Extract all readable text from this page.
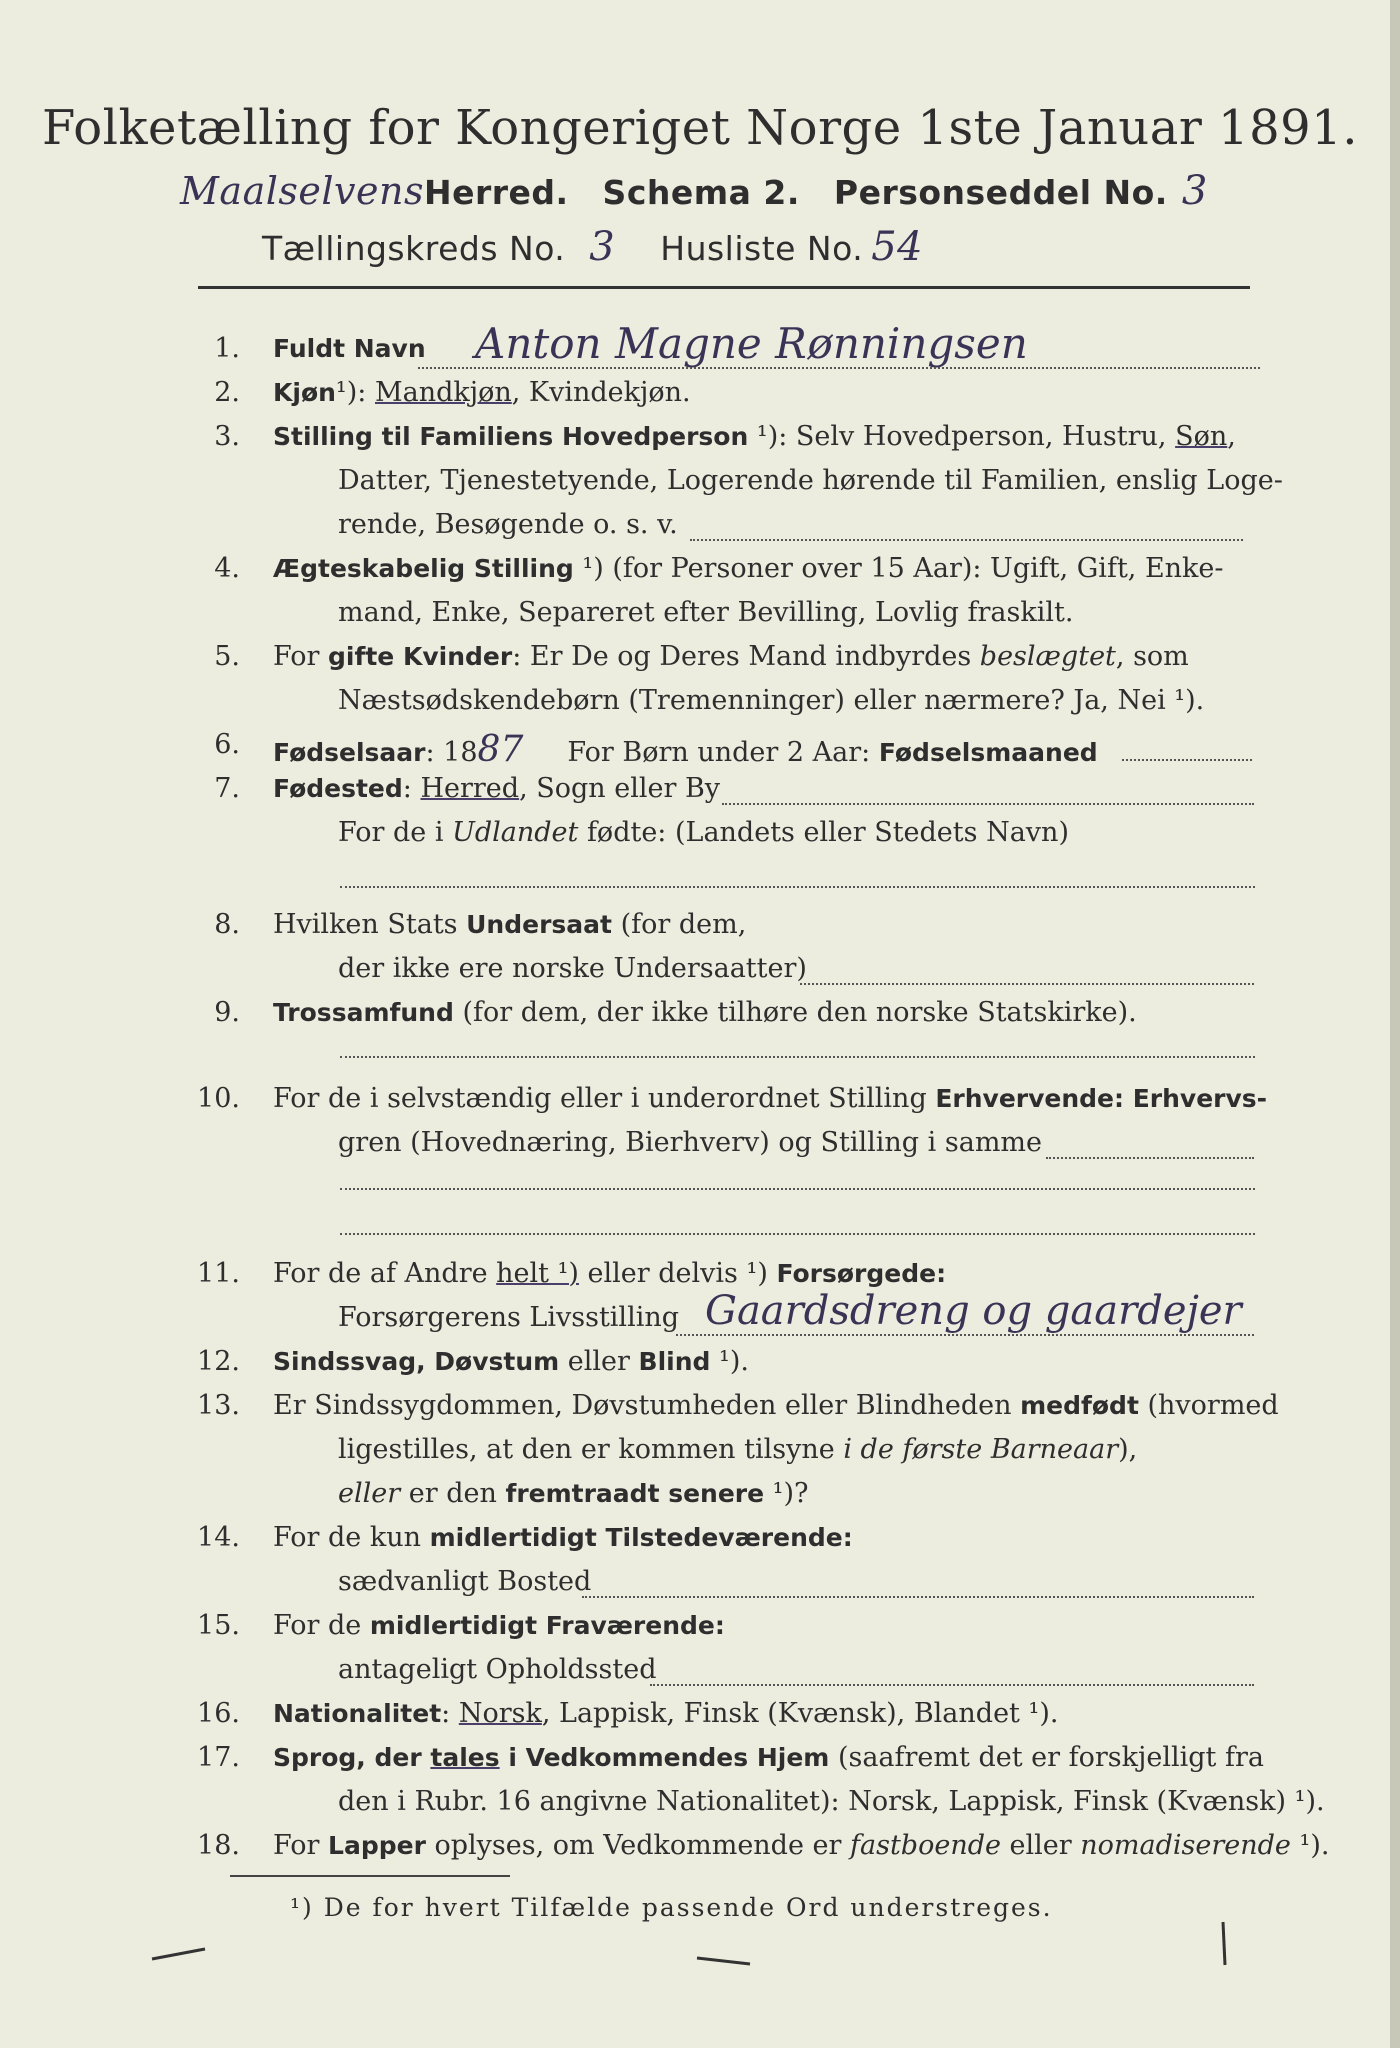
Folketælling for Kongeriget Norge 1ste Januar 1891.
MaalselvensHerred. Schema 2. Personseddel No. 3
Tællingskreds No. 3 Husliste No. 54
1. Fuldt Navn Anton Magne Rønningsen
2. Kjøn¹): Mandkjøn, Kvindekjøn.
3. Stilling til Familiens Hovedperson ¹): Selv Hovedperson, Hustru, Søn,
Datter, Tjenestetyende, Logerende hørende til Familien, enslig Loge-
rende, Besøgende o. s. v.
4. Ægteskabelig Stilling ¹) (for Personer over 15 Aar): Ugift, Gift, Enke-
mand, Enke, Separeret efter Bevilling, Lovlig fraskilt.
5. For gifte Kvinder: Er De og Deres Mand indbyrdes beslægtet, som
Næstsødskendebørn (Tremenninger) eller nærmere? Ja, Nei ¹).
6. Fødselsaar: 1887 For Børn under 2 Aar: Fødselsmaaned
7. Fødested: Herred, Sogn eller By
For de i Udlandet fødte: (Landets eller Stedets Navn)
8. Hvilken Stats Undersaat (for dem,
der ikke ere norske Undersaatter)
9. Trossamfund (for dem, der ikke tilhøre den norske Statskirke).
10. For de i selvstændig eller i underordnet Stilling Erhvervende: Erhvervs-
gren (Hovednæring, Bierhverv) og Stilling i samme
11. For de af Andre helt ¹) eller delvis ¹) Forsørgede:
Forsørgerens Livsstilling Gaardsdreng og gaardejer
12. Sindssvag, Døvstum eller Blind ¹).
13. Er Sindssygdommen, Døvstumheden eller Blindheden medfødt (hvormed
ligestilles, at den er kommen tilsyne i de første Barneaar),
eller er den fremtraadt senere ¹)?
14. For de kun midlertidigt Tilstedeværende:
sædvanligt Bosted
15. For de midlertidigt Fraværende:
antageligt Opholdssted
16. Nationalitet: Norsk, Lappisk, Finsk (Kvænsk), Blandet ¹).
17. Sprog, der tales i Vedkommendes Hjem (saafremt det er forskjelligt fra
den i Rubr. 16 angivne Nationalitet): Norsk, Lappisk, Finsk (Kvænsk) ¹).
18. For Lapper oplyses, om Vedkommende er fastboende eller nomadiserende ¹).
¹) De for hvert Tilfælde passende Ord understreges.
